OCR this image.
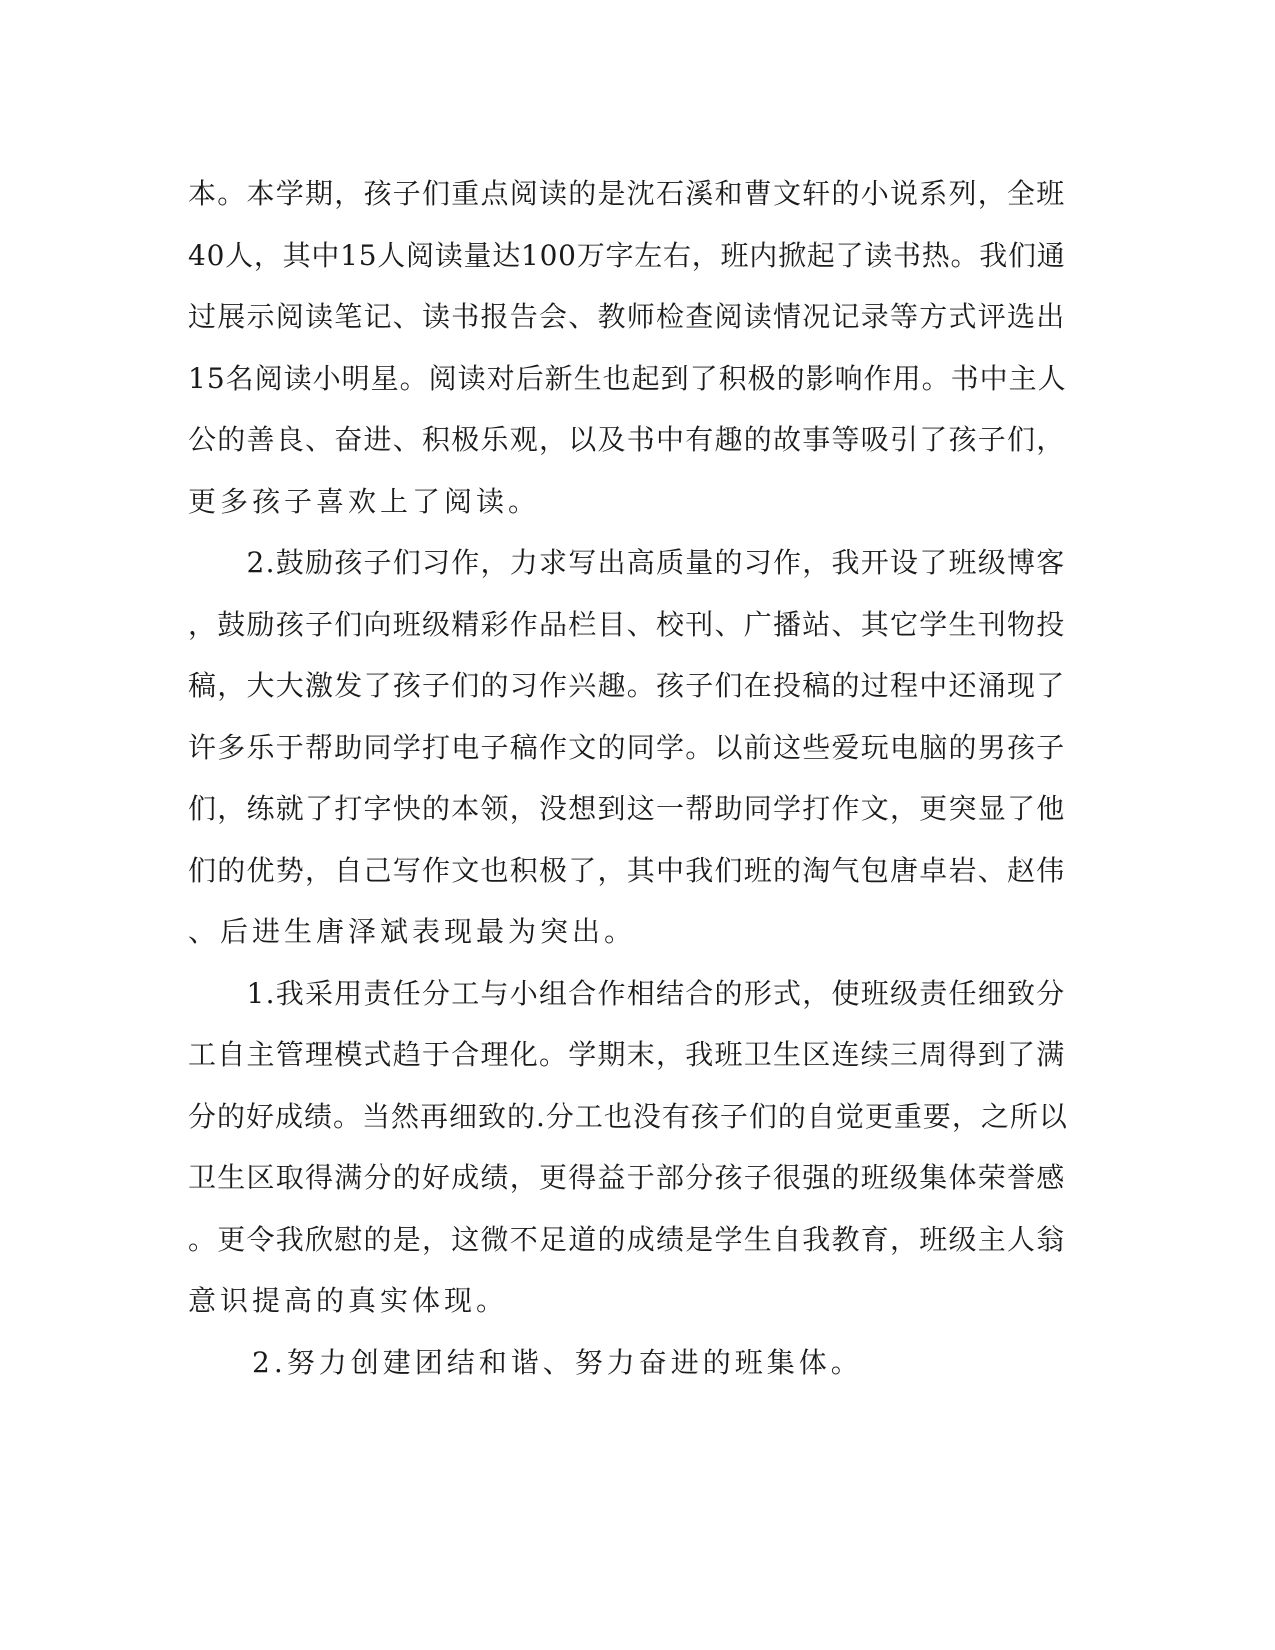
本。本学期，孩子们重点阅读的是沈石溪和曹文轩的小说系列，全班
40人，其中15人阅读量达100万字左右，班内掀起了读书热。我们通
过展示阅读笔记、读书报告会、教师检查阅读情况记录等方式评选出
15名阅读小明星。阅读对后新生也起到了积极的影响作用。书中主人
公的善良、奋进、积极乐观，以及书中有趣的故事等吸引了孩子们，
更多孩子喜欢上了阅读。
　　2.鼓励孩子们习作，力求写出高质量的习作，我开设了班级博客
，鼓励孩子们向班级精彩作品栏目、校刊、广播站、其它学生刊物投
稿，大大激发了孩子们的习作兴趣。孩子们在投稿的过程中还涌现了
许多乐于帮助同学打电子稿作文的同学。以前这些爱玩电脑的男孩子
们，练就了打字快的本领，没想到这一帮助同学打作文，更突显了他
们的优势，自己写作文也积极了，其中我们班的淘气包唐卓岩、赵伟
、后进生唐泽斌表现最为突出。
　　1.我采用责任分工与小组合作相结合的形式，使班级责任细致分
工自主管理模式趋于合理化。学期末，我班卫生区连续三周得到了满
分的好成绩。当然再细致的.分工也没有孩子们的自觉更重要，之所以
卫生区取得满分的好成绩，更得益于部分孩子很强的班级集体荣誉感
。更令我欣慰的是，这微不足道的成绩是学生自我教育，班级主人翁
意识提高的真实体现。
　　2.努力创建团结和谐、努力奋进的班集体。
